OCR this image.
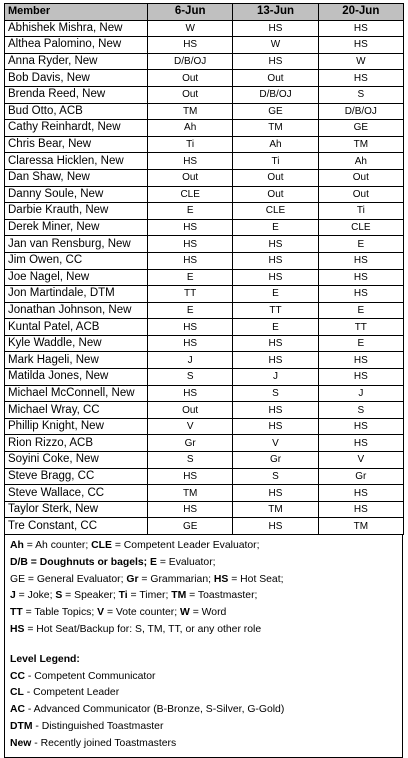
Member	6-Jun	13-Jun	20-Jun
Abhishek Mishra, New	W	HS	HS
Althea Palomino, New	HS	W	HS
Anna Ryder, New	D/B/OJ	HS	W
Bob Davis, New	Out	Out	HS
Brenda Reed, New	Out	D/B/OJ	S
Bud Otto, ACB	TM	GE	D/B/OJ
Cathy Reinhardt, New	Ah	TM	GE
Chris Bear, New	Ti	Ah	TM
Claressa Hicklen, New	HS	Ti	Ah
Dan Shaw, New	Out	Out	Out
Danny Soule, New	CLE	Out	Out
Darbie Krauth, New	E	CLE	Ti
Derek Miner, New	HS	E	CLE
Jan van Rensburg, New	HS	HS	E
Jim Owen, CC	HS	HS	HS
Joe Nagel, New	E	HS	HS
Jon Martindale, DTM	TT	E	HS
Jonathan Johnson, New	E	TT	E
Kuntal Patel, ACB	HS	E	TT
Kyle Waddle, New	HS	HS	E
Mark Hageli, New	J	HS	HS
Matilda Jones, New	S	J	HS
Michael McConnell, New	HS	S	J
Michael Wray, CC	Out	HS	S
Phillip Knight, New	V	HS	HS
Rion Rizzo, ACB	Gr	V	HS
Soyini Coke, New	S	Gr	V
Steve Bragg, CC	HS	S	Gr
Steve Wallace, CC	TM	HS	HS
Taylor Sterk, New	HS	TM	HS
Tre Constant, CC	GE	HS	TM
Ah = Ah counter; CLE = Competent Leader Evaluator;
D/B = Doughnuts or bagels; E = Evaluator;
GE = General Evaluator; Gr = Grammarian; HS = Hot Seat;
J = Joke; S = Speaker; Ti = Timer; TM = Toastmaster;
TT = Table Topics; V = Vote counter; W = Word
HS = Hot Seat/Backup for: S, TM, TT, or any other role
Level Legend:
CC - Competent Communicator
CL - Competent Leader
AC - Advanced Communicator (B-Bronze, S-Silver, G-Gold)
DTM - Distinguished Toastmaster
New - Recently joined Toastmasters
